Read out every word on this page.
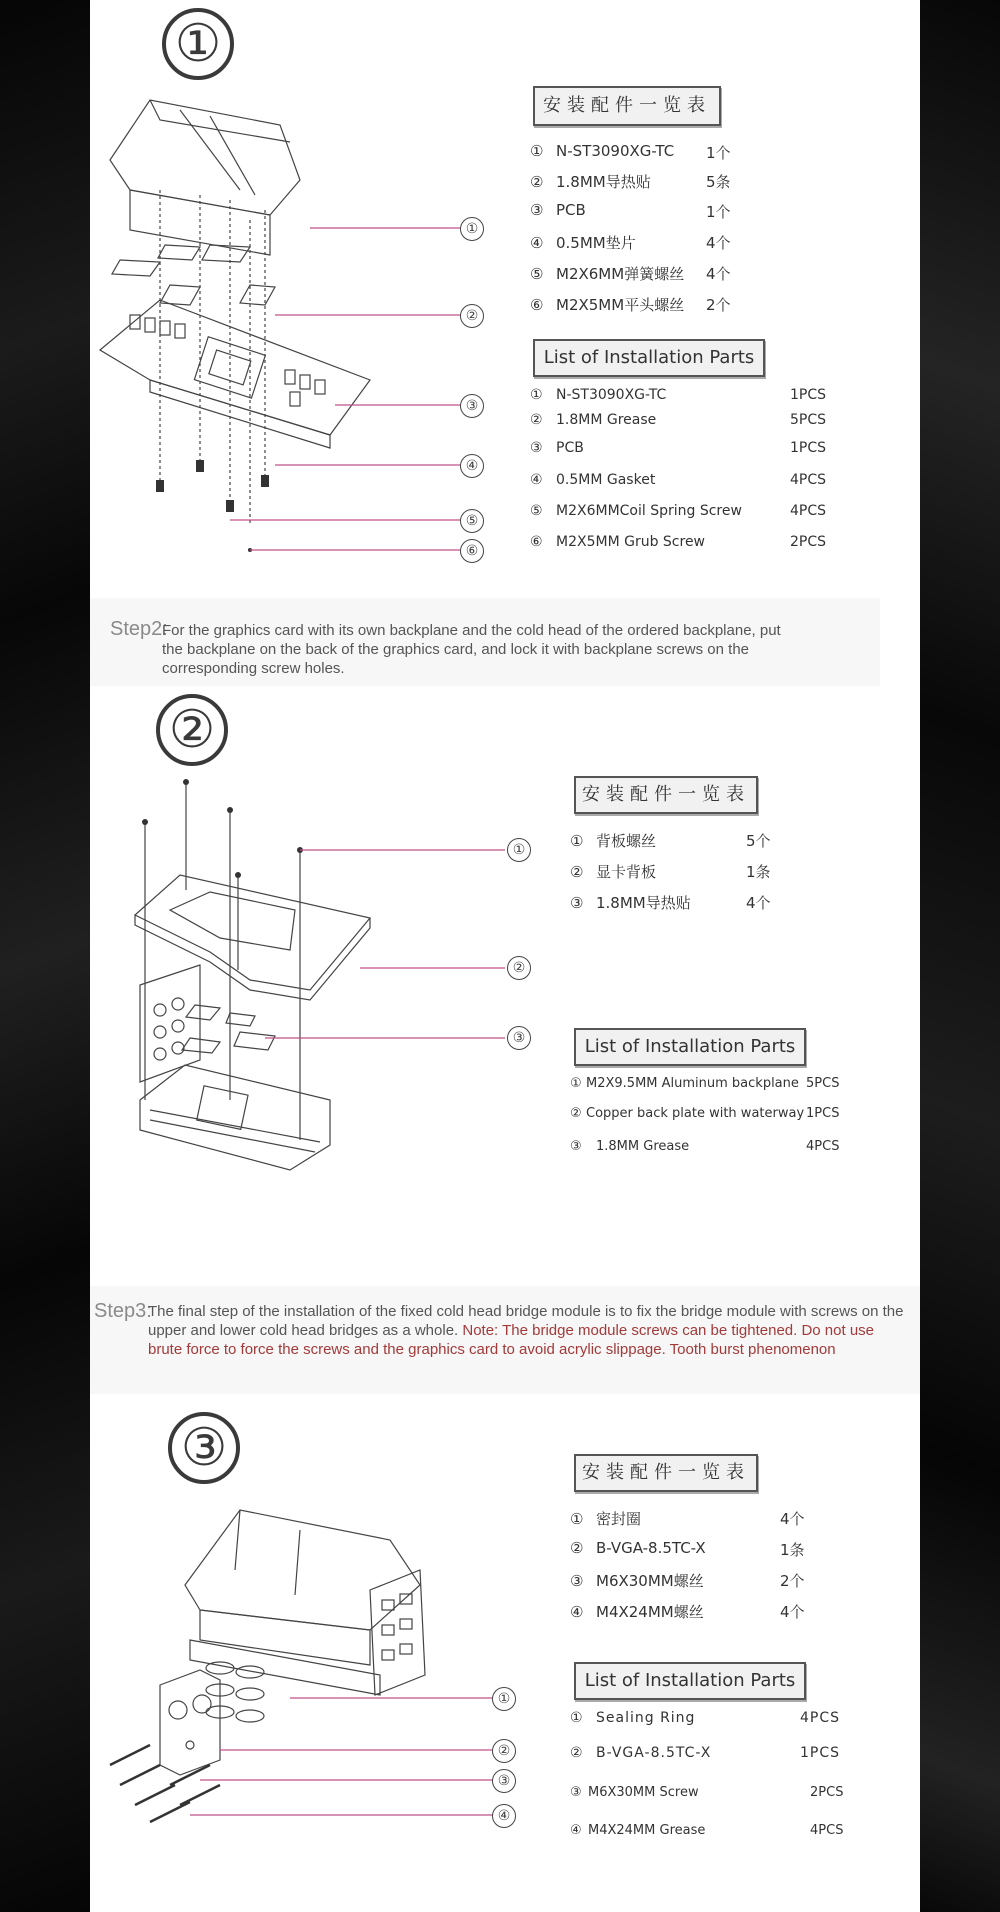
①
①
②
③
④
⑤
⑥
安装配件一览表
① N-ST3090XG-TC 1个
② 1.8MM导热贴	5条
③ PCB	1个
④ 0.5MM垫片	4个
⑤ M2X6MM弹簧螺丝 4个
⑥ M2X5MM平头螺丝 2个
List of Installation Parts
① N-ST3090XG-TC	1PCS
② 1.8MM Grease	5PCS
③ PCB	1PCS
④ 0.5MM Gasket	4PCS
⑤ M2X6MMCoil Spring Screw	4PCS
⑥ M2X5MM Grub Screw	2PCS
Step2:
For the graphics card with its own backplane and the cold head of the ordered backplane, put the backplane on the back of the graphics card, and lock it with backplane screws on the corresponding screw holes.
②
①
②
③
安装配件一览表
① 背板螺丝	5个
② 显卡背板	1条
③ 1.8MM导热贴	4个
List of Installation Parts
① M2X9.5MM Aluminum backplane 5PCS
② Copper back plate with waterway 1PCS
③ 1.8MM Grease	4PCS
Step3:
The final step of the installation of the fixed cold head bridge module is to fix the bridge module with screws on the upper and lower cold head bridges as a whole. Note: The bridge module screws can be tightened. Do not use brute force to force the screws and the graphics card to avoid acrylic slippage. Tooth burst phenomenon
③
①
②
③
④
安装配件一览表
① 密封圈	4个
② B-VGA-8.5TC-X	1条
③ M6X30MM螺丝	2个
④ M4X24MM螺丝	4个
List of Installation Parts
① Sealing Ring	4PCS
② B-VGA-8.5TC-X	1PCS
③ M6X30MM Screw	2PCS
④ M4X24MM Grease	4PCS
